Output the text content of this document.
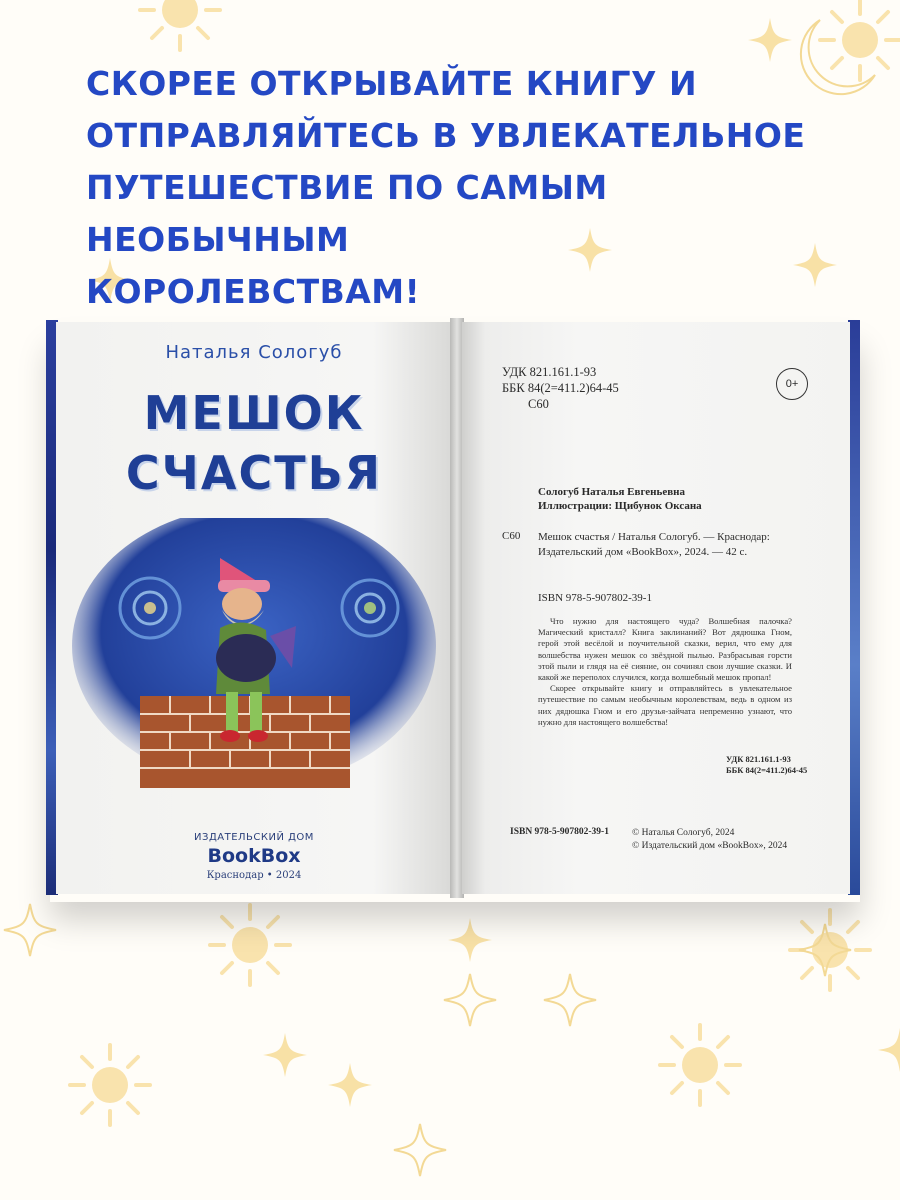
СКОРЕЕ ОТКРЫВАЙТЕ КНИГУ И
ОТПРАВЛЯЙТЕСЬ В УВЛЕКАТЕЛЬНОЕ
ПУТЕШЕСТВИЕ ПО САМЫМ НЕОБЫЧНЫМ
КОРОЛЕВСТВАМ!
Наталья Сологуб
МЕШОК
СЧАСТЬЯ
ИЗДАТЕЛЬСКИЙ ДОМ
BookBox
Краснодар • 2024
УДК 821.161.1-93
ББК 84(2=411.2)64-45
С60
0+
Сологуб Наталья Евгеньевна
Иллюстрации: Щибунок Оксана
С60 Мешок счастья / Наталья Сологуб. — Краснодар:
Издательский дом «BookBox», 2024. — 42 с.
ISBN 978-5-907802-39-1

Что нужно для настоящего чуда? Волшебная палочка? Магический кристалл? Книга заклинаний? Вот дядюшка Гном, герой этой весёлой и поучительной сказки, верил, что ему для волшебства нужен мешок со звёздной пылью. Разбрасывая горсти этой пыли и глядя на её сияние, он сочинял свои лучшие сказки. И какой же переполох случился, когда волшебный мешок пропал!

Скорее открывайте книгу и отправляйтесь в увлекательное путешествие по самым необычным королевствам, ведь в одном из них дядюшка Гном и его друзья-зайчата непременно узнают, что нужно для настоящего волшебства!

УДК 821.161.1-93
ББК 84(2=411.2)64-45
ISBN 978-5-907802-39-1 © Наталья Сологуб, 2024
© Издательский дом «BookBox», 2024
